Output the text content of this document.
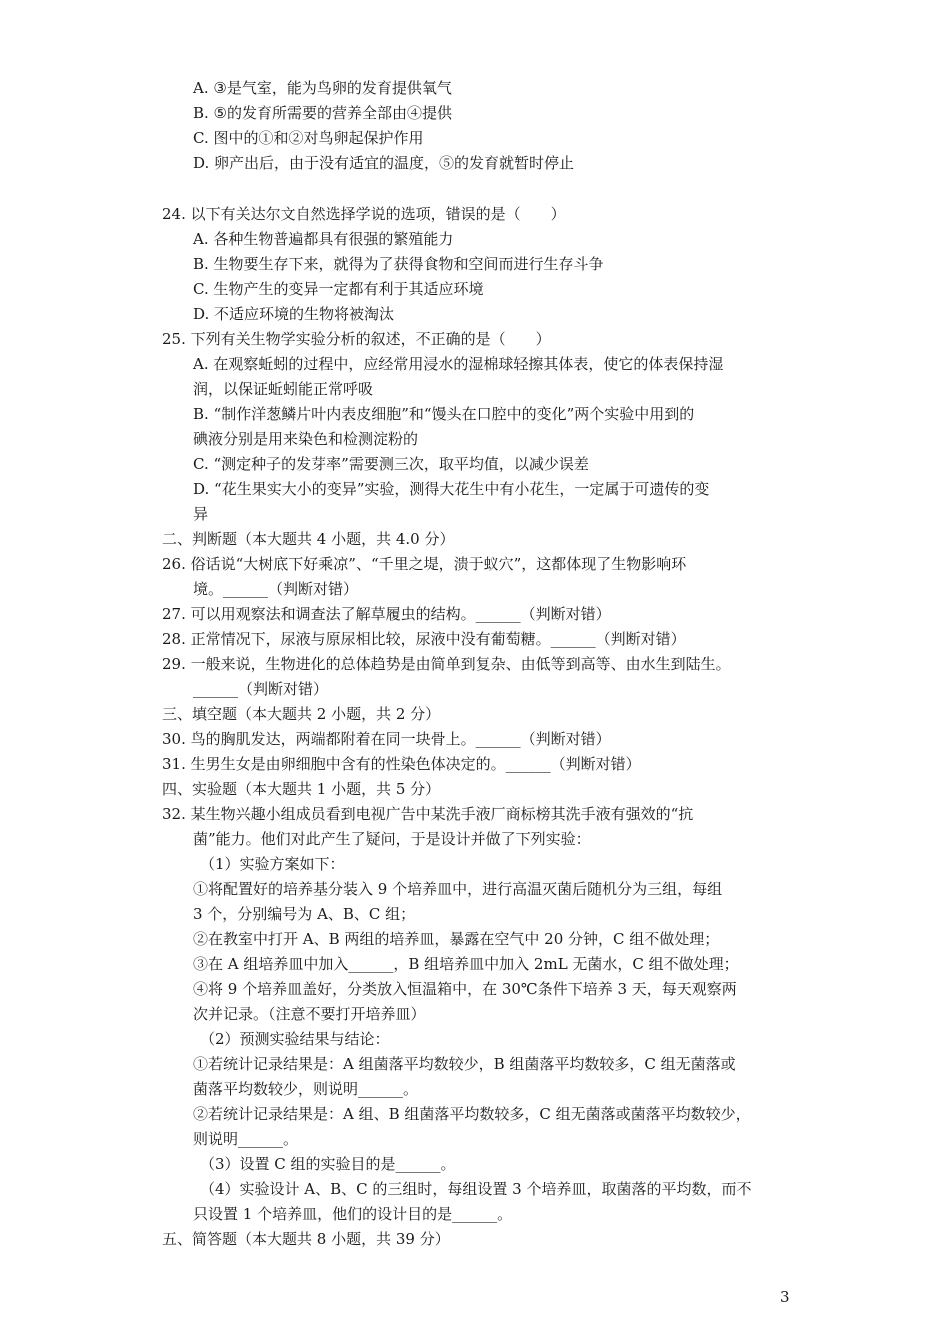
A. ③是气室，能为鸟卵的发育提供氧气
B. ⑤的发育所需要的营养全部由④提供
C. 图中的①和②对鸟卵起保护作用
D. 卵产出后，由于没有适宜的温度，⑤的发育就暂时停止
24. 以下有关达尔文自然选择学说的选项，错误的是（　　）
A. 各种生物普遍都具有很强的繁殖能力
B. 生物要生存下来，就得为了获得食物和空间而进行生存斗争
C. 生物产生的变异一定都有利于其适应环境
D. 不适应环境的生物将被淘汰
25. 下列有关生物学实验分析的叙述，不正确的是（　　）
A. 在观察蚯蚓的过程中，应经常用浸水的湿棉球轻擦其体表，使它的体表保持湿
润，以保证蚯蚓能正常呼吸
B. “制作洋葱鳞片叶内表皮细胞”和“馒头在口腔中的变化”两个实验中用到的
碘液分别是用来染色和检测淀粉的
C. “测定种子的发芽率”需要测三次，取平均值，以减少误差
D. “花生果实大小的变异”实验，测得大花生中有小花生，一定属于可遗传的变
异
二、判断题（本大题共 4 小题，共 4.0 分）
26. 俗话说“大树底下好乘凉”、“千里之堤，溃于蚁穴”，这都体现了生物影响环
境。______（判断对错）
27. 可以用观察法和调查法了解草履虫的结构。______（判断对错）
28. 正常情况下，尿液与原尿相比较，尿液中没有葡萄糖。______（判断对错）
29. 一般来说，生物进化的总体趋势是由简单到复杂、由低等到高等、由水生到陆生。
______（判断对错）
三、填空题（本大题共 2 小题，共 2 分）
30. 鸟的胸肌发达，两端都附着在同一块骨上。______（判断对错）
31. 生男生女是由卵细胞中含有的性染色体决定的。______（判断对错）
四、实验题（本大题共 1 小题，共 5 分）
32. 某生物兴趣小组成员看到电视广告中某洗手液厂商标榜其洗手液有强效的“抗
菌”能力。他们对此产生了疑问，于是设计并做了下列实验：
（1）实验方案如下：
①将配置好的培养基分装入 9 个培养皿中，进行高温灭菌后随机分为三组，每组
3 个，分别编号为 A、B、C 组；
②在教室中打开 A、B 两组的培养皿，暴露在空气中 20 分钟，C 组不做处理；
③在 A 组培养皿中加入______，B 组培养皿中加入 2mL 无菌水，C 组不做处理；
④将 9 个培养皿盖好，分类放入恒温箱中，在 30℃条件下培养 3 天，每天观察两
次并记录。（注意不要打开培养皿）
（2）预测实验结果与结论：
①若统计记录结果是：A 组菌落平均数较少，B 组菌落平均数较多，C 组无菌落或
菌落平均数较少，则说明______。
②若统计记录结果是：A 组、B 组菌落平均数较多，C 组无菌落或菌落平均数较少，
则说明______。
（3）设置 C 组的实验目的是______。
（4）实验设计 A、B、C 的三组时，每组设置 3 个培养皿，取菌落的平均数，而不
只设置 1 个培养皿，他们的设计目的是______。
五、简答题（本大题共 8 小题，共 39 分）
3
